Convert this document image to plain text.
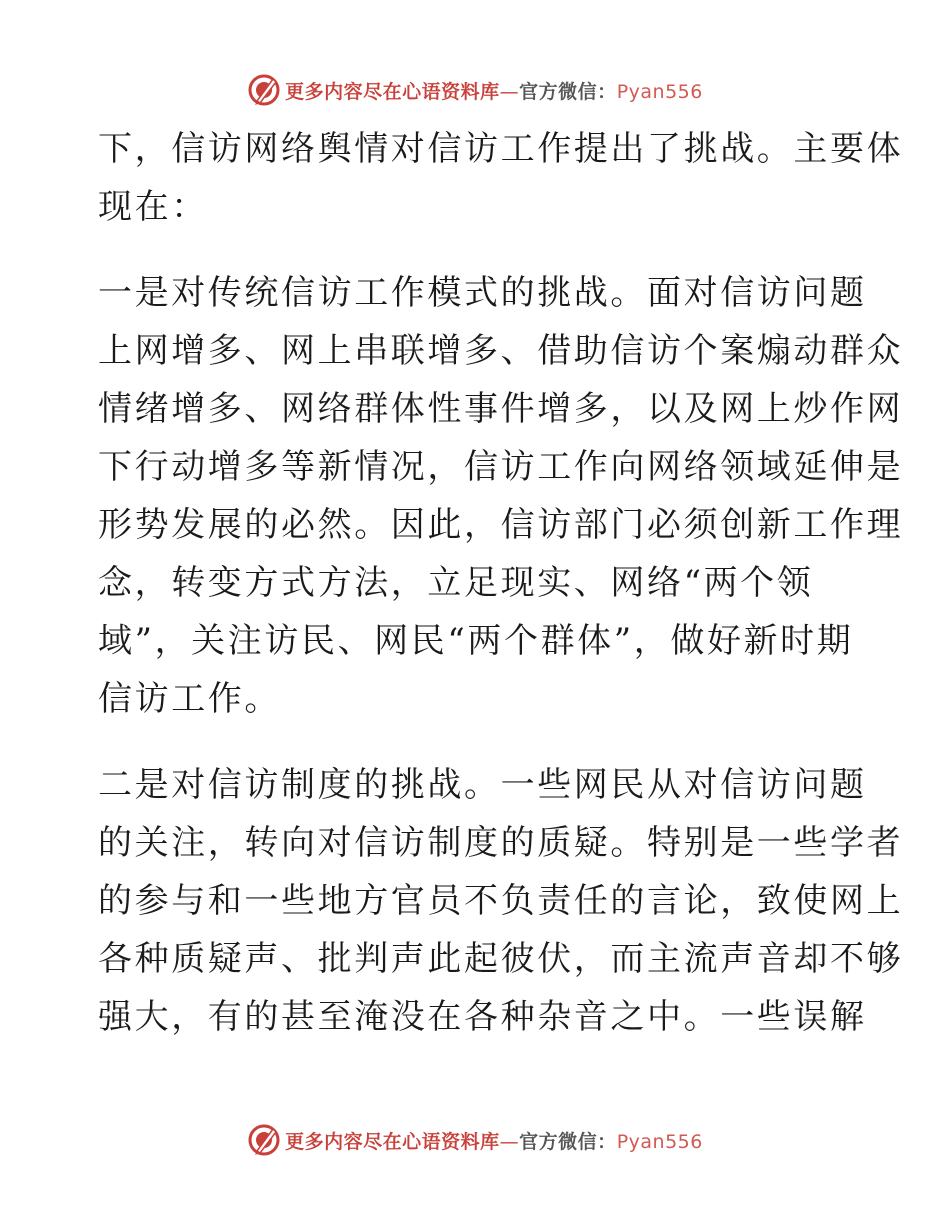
更多内容尽在心语资料库—官方微信：Pyan556
下，信访网络舆情对信访工作提出了挑战。主要体
现在：
一是对传统信访工作模式的挑战。面对信访问题
上网增多、网上串联增多、借助信访个案煽动群众
情绪增多、网络群体性事件增多，以及网上炒作网
下行动增多等新情况，信访工作向网络领域延伸是
形势发展的必然。因此，信访部门必须创新工作理
念，转变方式方法，立足现实、网络“两个领
域”，关注访民、网民“两个群体”，做好新时期
信访工作。
二是对信访制度的挑战。一些网民从对信访问题
的关注，转向对信访制度的质疑。特别是一些学者
的参与和一些地方官员不负责任的言论，致使网上
各种质疑声、批判声此起彼伏，而主流声音却不够
强大，有的甚至淹没在各种杂音之中。一些误解
更多内容尽在心语资料库—官方微信：Pyan556
